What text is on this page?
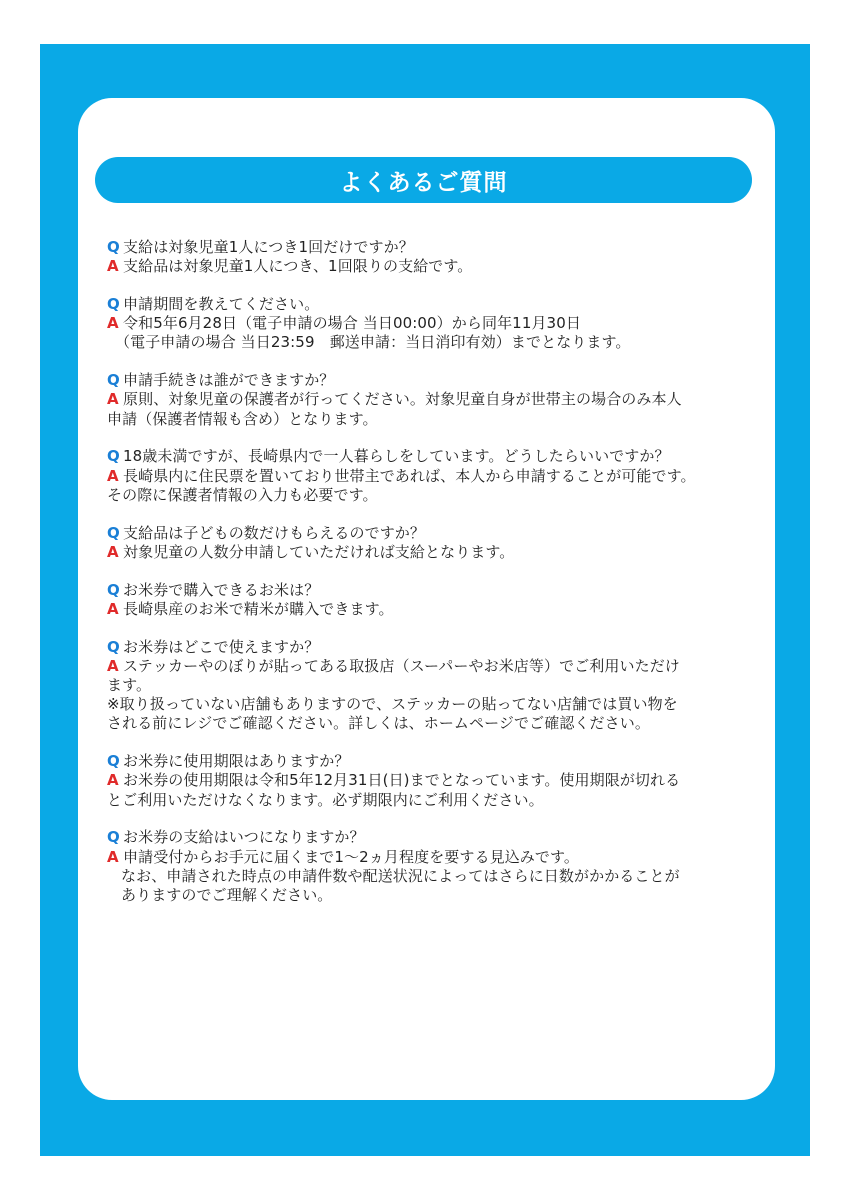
よくあるご質問
Q 支給は対象児童1人につき1回だけですか？
A 支給品は対象児童1人につき、1回限りの支給です。
Q 申請期間を教えてください。
A 令和5年6月28日（電子申請の場合 当日00:00）から同年11月30日
（電子申請の場合 当日23:59　郵送申請：当日消印有効）までとなります。
Q 申請手続きは誰ができますか？
A 原則、対象児童の保護者が行ってください。対象児童自身が世帯主の場合のみ本人
申請（保護者情報も含め）となります。
Q 18歳未満ですが、長崎県内で一人暮らしをしています。どうしたらいいですか？
A 長崎県内に住民票を置いており世帯主であれば、本人から申請することが可能です。
その際に保護者情報の入力も必要です。
Q 支給品は子どもの数だけもらえるのですか？
A 対象児童の人数分申請していただければ支給となります。
Q お米券で購入できるお米は？
A 長崎県産のお米で精米が購入できます。
Q お米券はどこで使えますか？
A ステッカーやのぼりが貼ってある取扱店（スーパーやお米店等）でご利用いただけ
ます。
※取り扱っていない店舗もありますので、ステッカーの貼ってない店舗では買い物を
される前にレジでご確認ください。詳しくは、ホームページでご確認ください。
Q お米券に使用期限はありますか？
A お米券の使用期限は令和5年12月31日(日)までとなっています。使用期限が切れる
とご利用いただけなくなります。必ず期限内にご利用ください。
Q お米券の支給はいつになりますか？
A 申請受付からお手元に届くまで1～2ヵ月程度を要する見込みです。
なお、申請された時点の申請件数や配送状況によってはさらに日数がかかることが
ありますのでご理解ください。
